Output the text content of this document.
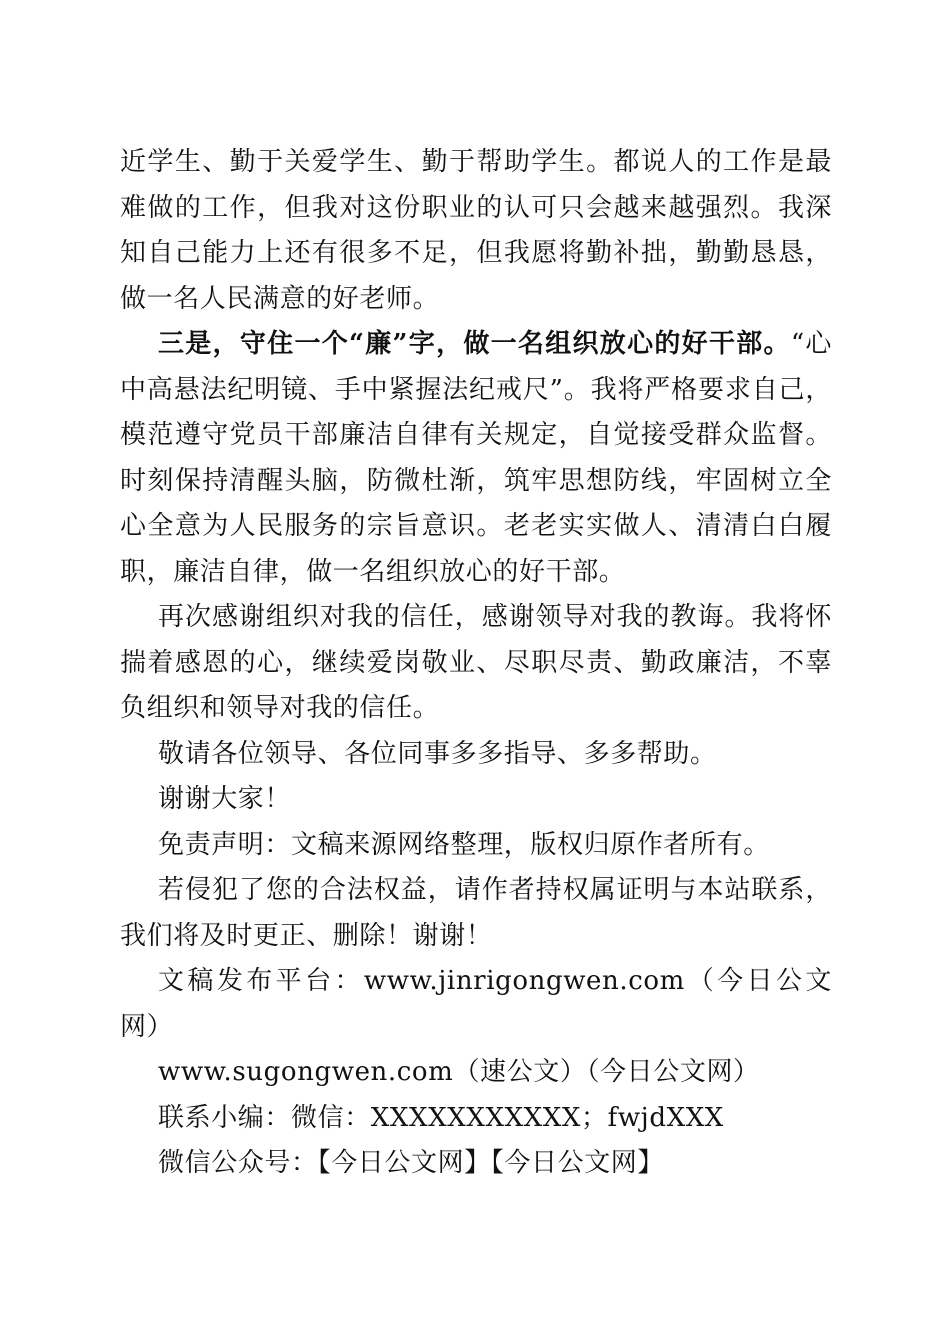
近学生、勤于关爱学生、勤于帮助学生。都说人的工作是最难做的工作，但我对这份职业的认可只会越来越强烈。我深知自己能力上还有很多不足，但我愿将勤补拙，勤勤恳恳，做一名人民满意的好老师。

三是，守住一个“廉”字，做一名组织放心的好干部。“心中高悬法纪明镜、手中紧握法纪戒尺”。我将严格要求自己，模范遵守党员干部廉洁自律有关规定，自觉接受群众监督。时刻保持清醒头脑，防微杜渐，筑牢思想防线，牢固树立全心全意为人民服务的宗旨意识。老老实实做人、清清白白履职，廉洁自律，做一名组织放心的好干部。

再次感谢组织对我的信任，感谢领导对我的教诲。我将怀揣着感恩的心，继续爱岗敬业、尽职尽责、勤政廉洁，不辜负组织和领导对我的信任。

敬请各位领导、各位同事多多指导、多多帮助。

谢谢大家！

免责声明：文稿来源网络整理，版权归原作者所有。

若侵犯了您的合法权益，请作者持权属证明与本站联系，我们将及时更正、删除！谢谢！

文稿发布平台：www.jinrigongwen.com（今日公文网）

www.sugongwen.com（速公文）（今日公文网）

联系小编：微信：XXXXXXXXXXX；fwjdXXX

微信公众号：【今日公文网】【今日公文网】
